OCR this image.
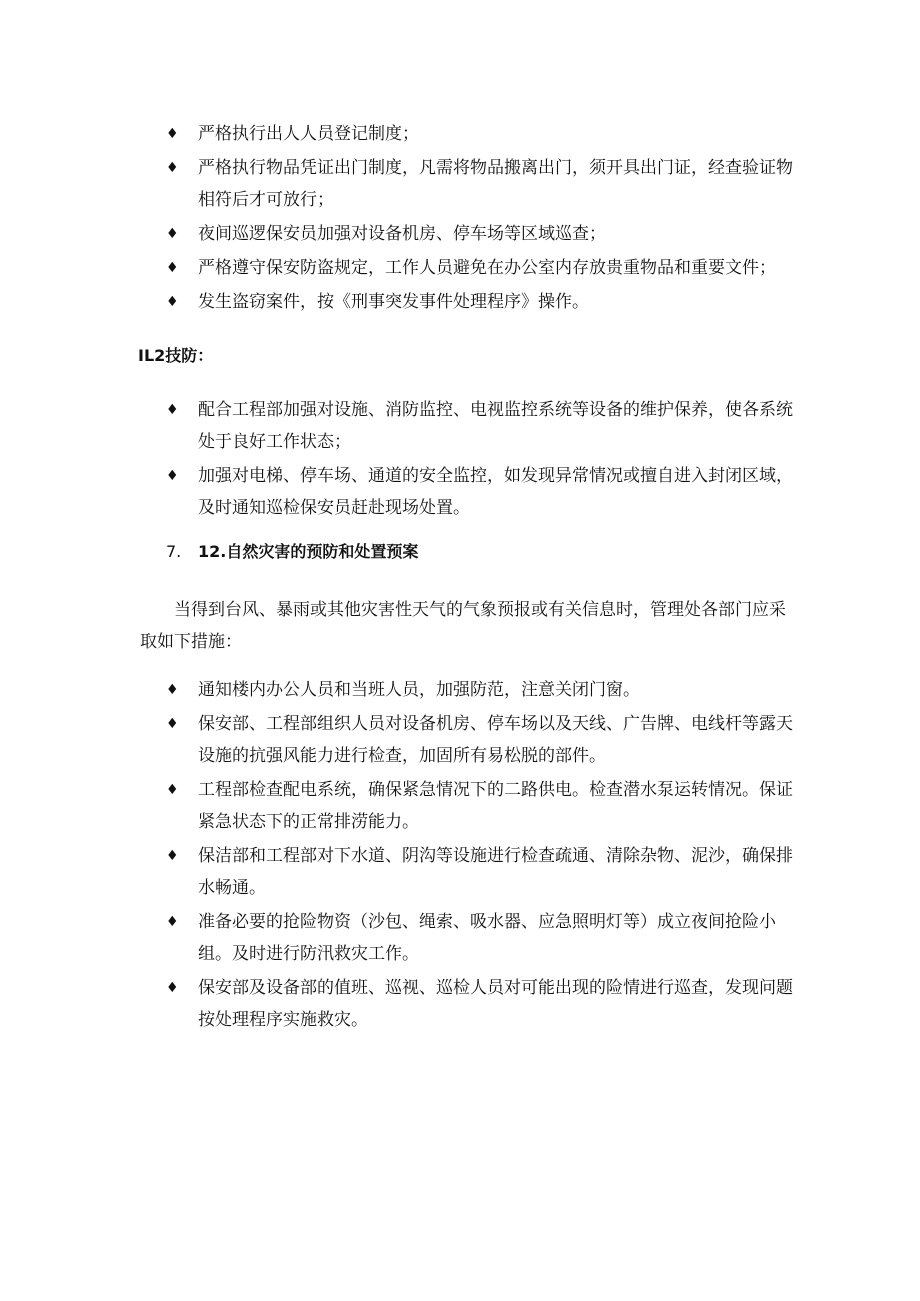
♦ 严格执行出人人员登记制度；
♦ 严格执行物品凭证出门制度，凡需将物品搬离出门，须开具出门证，经查验证物相符后才可放行；
♦ 夜间巡逻保安员加强对设备机房、停车场等区域巡查；
♦ 严格遵守保安防盗规定，工作人员避免在办公室内存放贵重物品和重要文件；
♦ 发生盗窃案件，按《刑事突发事件处理程序》操作。

IL2技防：

♦ 配合工程部加强对设施、消防监控、电视监控系统等设备的维护保养，使各系统处于良好工作状态；
♦ 加强对电梯、停车场、通道的安全监控，如发现异常情况或擅自进入封闭区域，及时通知巡检保安员赶赴现场处置。

7. 12.自然灾害的预防和处置预案

当得到台风、暴雨或其他灾害性天气的气象预报或有关信息时，管理处各部门应采取如下措施：

♦ 通知楼内办公人员和当班人员，加强防范，注意关闭门窗。
♦ 保安部、工程部组织人员对设备机房、停车场以及天线、广告牌、电线杆等露天设施的抗强风能力进行检查，加固所有易松脱的部件。
♦ 工程部检查配电系统，确保紧急情况下的二路供电。检查潜水泵运转情况。保证紧急状态下的正常排涝能力。
♦ 保洁部和工程部对下水道、阴沟等设施进行检查疏通、清除杂物、泥沙，确保排水畅通。
♦ 准备必要的抢险物资（沙包、绳索、吸水器、应急照明灯等）成立夜间抢险小组。及时进行防汛救灾工作。
♦ 保安部及设备部的值班、巡视、巡检人员对可能出现的险情进行巡查，发现问题按处理程序实施救灾。
